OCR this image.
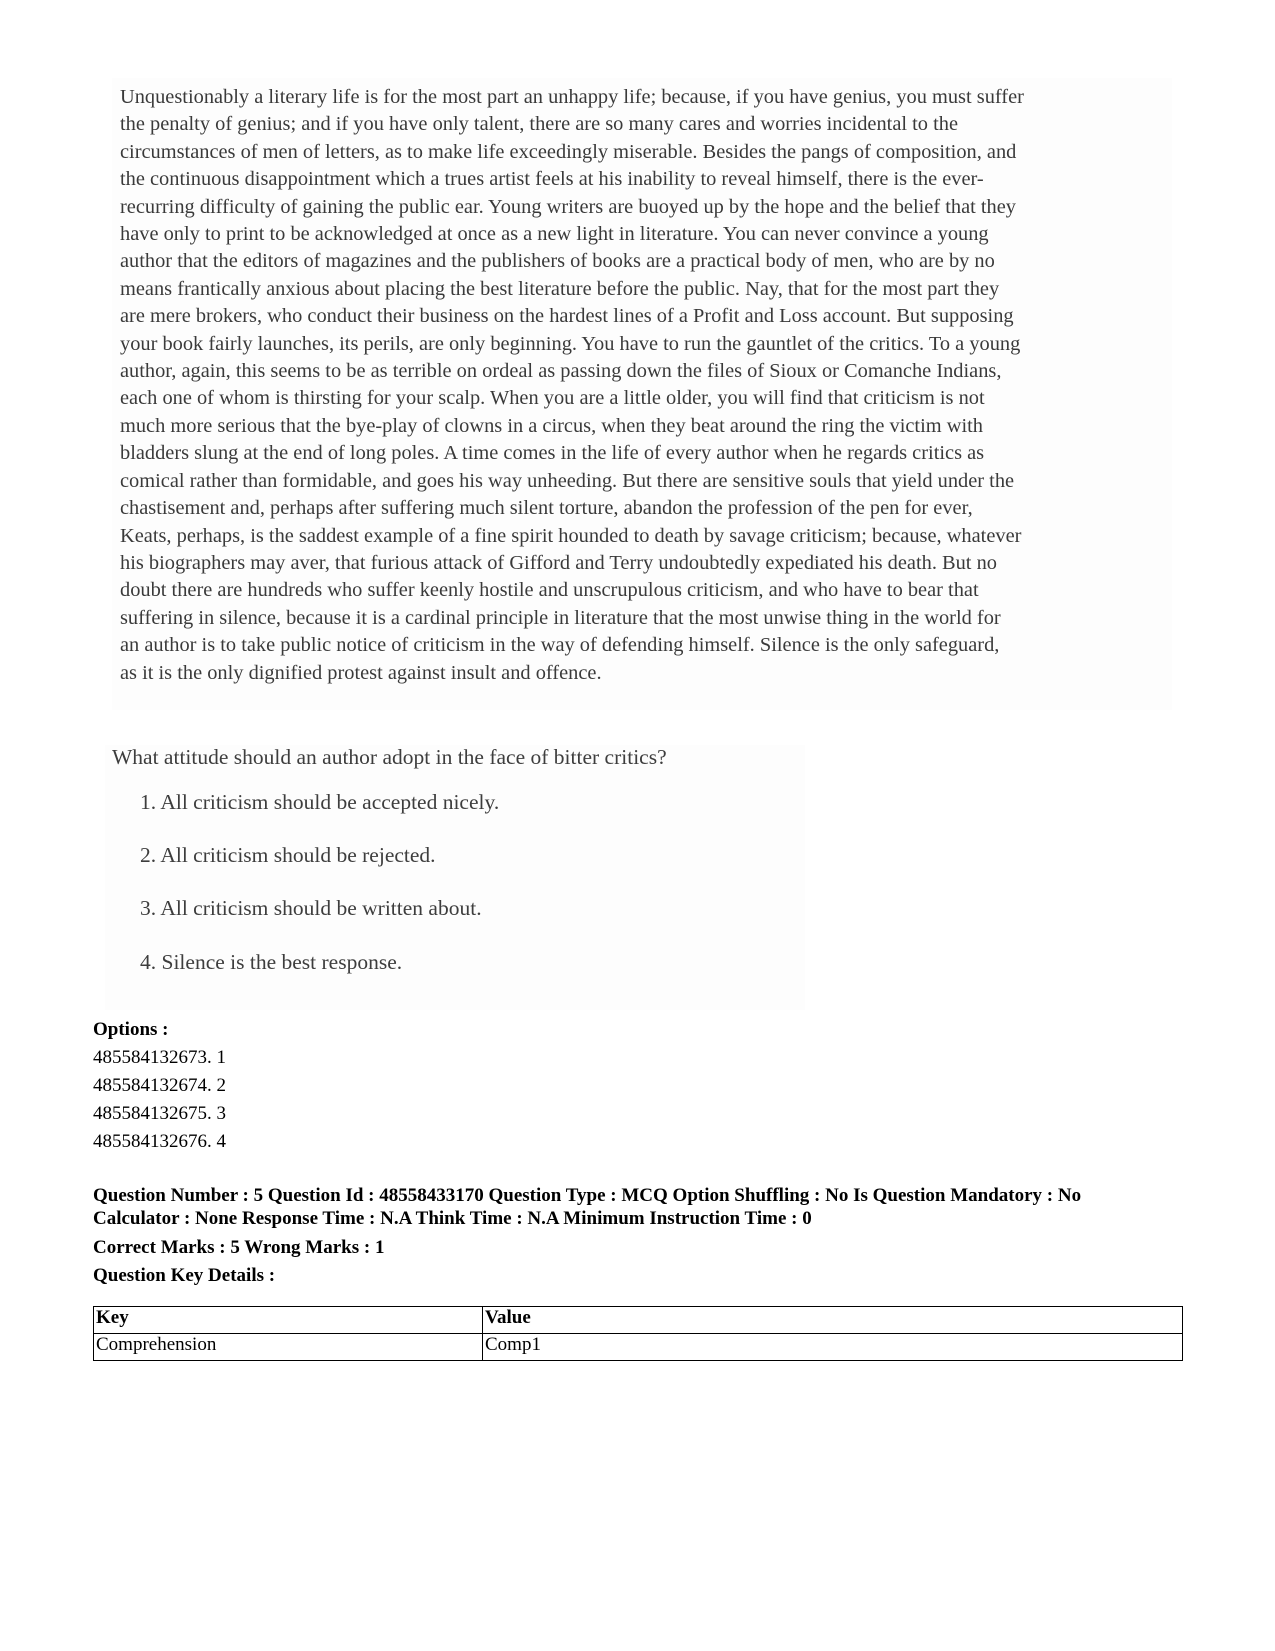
Unquestionably a literary life is for the most part an unhappy life; because, if you have genius, you must suffer
the penalty of genius; and if you have only talent, there are so many cares and worries incidental to the
circumstances of men of letters, as to make life exceedingly miserable. Besides the pangs of composition, and
the continuous disappointment which a trues artist feels at his inability to reveal himself, there is the ever-
recurring difficulty of gaining the public ear. Young writers are buoyed up by the hope and the belief that they
have only to print to be acknowledged at once as a new light in literature. You can never convince a young
author that the editors of magazines and the publishers of books are a practical body of men, who are by no
means frantically anxious about placing the best literature before the public. Nay, that for the most part they
are mere brokers, who conduct their business on the hardest lines of a Profit and Loss account. But supposing
your book fairly launches, its perils, are only beginning. You have to run the gauntlet of the critics. To a young
author, again, this seems to be as terrible on ordeal as passing down the files of Sioux or Comanche Indians,
each one of whom is thirsting for your scalp. When you are a little older, you will find that criticism is not
much more serious that the bye-play of clowns in a circus, when they beat around the ring the victim with
bladders slung at the end of long poles. A time comes in the life of every author when he regards critics as
comical rather than formidable, and goes his way unheeding. But there are sensitive souls that yield under the
chastisement and, perhaps after suffering much silent torture, abandon the profession of the pen for ever,
Keats, perhaps, is the saddest example of a fine spirit hounded to death by savage criticism; because, whatever
his biographers may aver, that furious attack of Gifford and Terry undoubtedly expediated his death. But no
doubt there are hundreds who suffer keenly hostile and unscrupulous criticism, and who have to bear that
suffering in silence, because it is a cardinal principle in literature that the most unwise thing in the world for
an author is to take public notice of criticism in the way of defending himself. Silence is the only safeguard,
as it is the only dignified protest against insult and offence.

What attitude should an author adopt in the face of bitter critics?

1. All criticism should be accepted nicely.

2. All criticism should be rejected.

3. All criticism should be written about.

4. Silence is the best response.

Options :

485584132673. 1

485584132674. 2

485584132675. 3

485584132676. 4

Question Number : 5 Question Id : 48558433170 Question Type : MCQ Option Shuffling : No Is Question Mandatory : No

Calculator : None Response Time : N.A Think Time : N.A Minimum Instruction Time : 0

Correct Marks : 5 Wrong Marks : 1

Question Key Details :

Key	Value
Comprehension	Comp1
